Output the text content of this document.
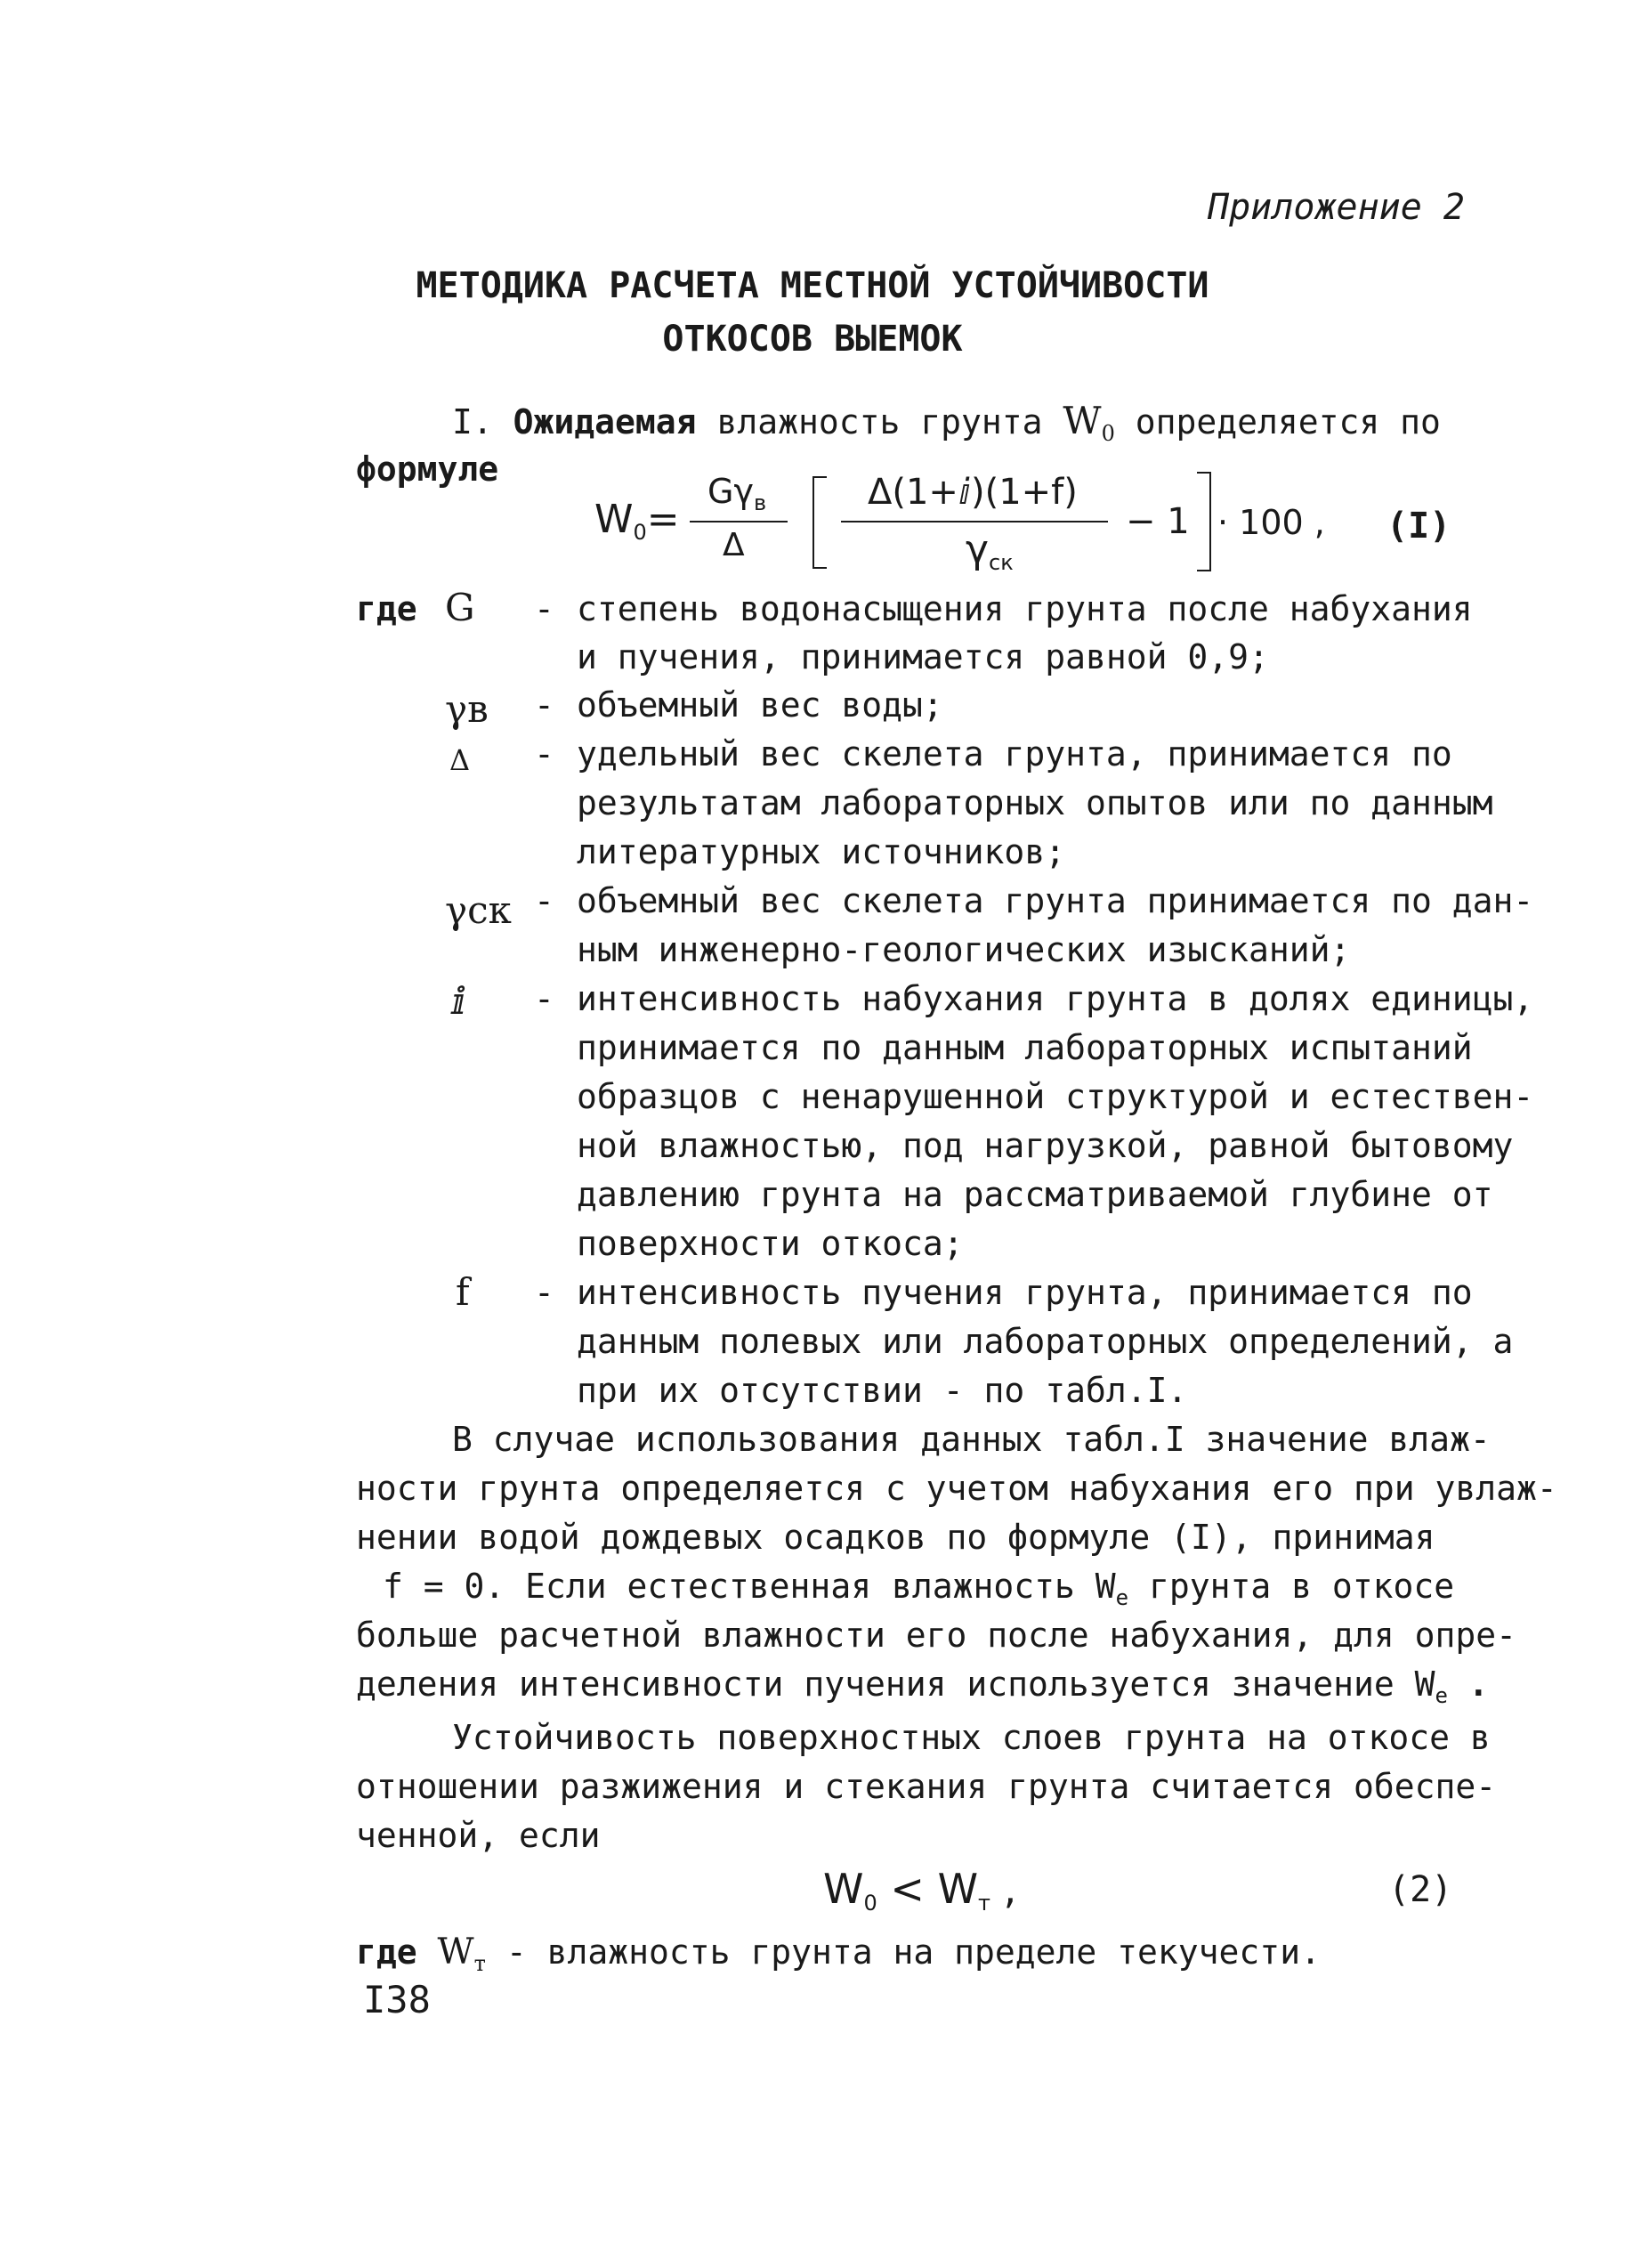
Приложение 2
МЕТОДИКА РАСЧЕТА МЕСТНОЙ УСТОЙЧИВОСТИ
ОТКОСОВ ВЫЕМОК
I. Ожидаемая влажность грунта $W_0$ определяется по
формуле
$W_0=$
$G\gamma_в$
Δ
Δ(1+ⅈ)(1+f)
$\gamma_{ск}$
− 1 · 100 , (I)
где G - степень водонасыщения грунта после набухания
и пучения, принимается равной 0,9;
γв - объемный вес воды;
Δ - удельный вес скелета грунта, принимается по
результатам лабораторных опытов или по данным
литературных источников;
γск - объемный вес скелета грунта принимается по дан-
ным инженерно-геологических изысканий;
ⅈ - интенсивность набухания грунта в долях единицы,
принимается по данным лабораторных испытаний
образцов с ненарушенной структурой и естествен-
ной влажностью, под нагрузкой, равной бытовому
давлению грунта на рассматриваемой глубине от
поверхности откоса;
f - интенсивность пучения грунта, принимается по
данным полевых или лабораторных определений, а
при их отсутствии - по табл.I.
В случае использования данных табл.I значение влаж-
ности грунта определяется с учетом набухания его при увлаж-
нении водой дождевых осадков по формуле (I), принимая
f = 0. Если естественная влажность $W_е$ грунта в откосе
больше расчетной влажности его после набухания, для опре-
деления интенсивности пучения используется значение $W_е$ .
Устойчивость поверхностных слоев грунта на откосе в
отношении разжижения и стекания грунта считается обеспе-
ченной, если
$W_0 < W_т$ ,	(2)
где $W_т$ - влажность грунта на пределе текучести.
I38
